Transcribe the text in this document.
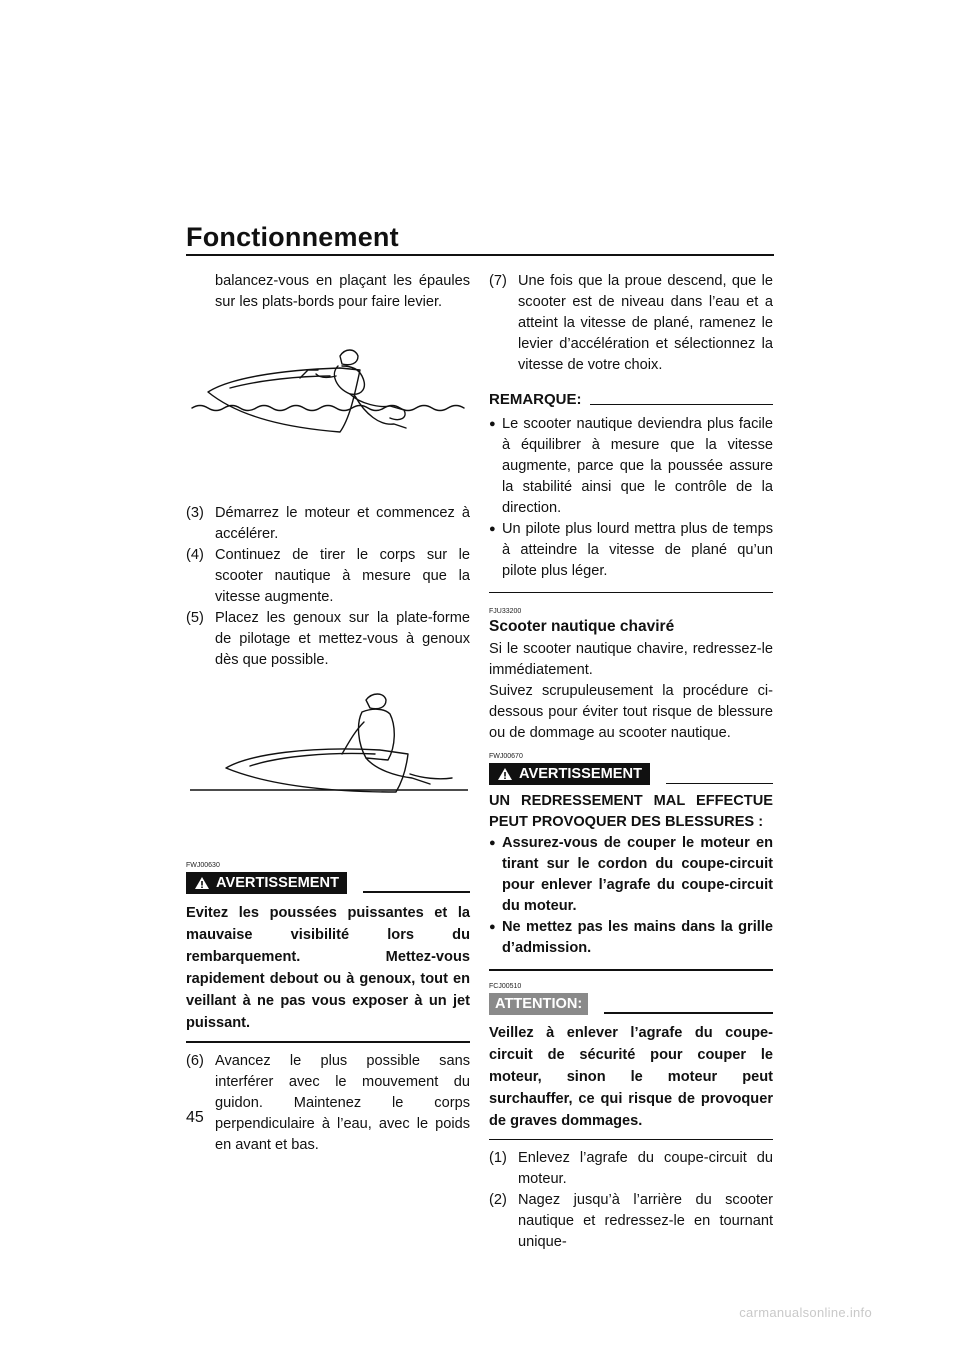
Fonctionnement

balancez-vous en plaçant les épaules sur les plats-bords pour faire levier.

(3) Démarrez le moteur et commencez à accélérer.
(4) Continuez de tirer le corps sur le scooter nautique à mesure que la vitesse augmente.
(5) Placez les genoux sur la plate-forme de pilotage et mettez-vous à genoux dès que possible.
FWJ00630
AVERTISSEMENT

Evitez les poussées puissantes et la mauvaise visibilité lors du rembarquement. Mettez-vous rapidement debout ou à genoux, tout en veillant à ne pas vous exposer à un jet puissant.

(6) Avancez le plus possible sans interférer avec le mouvement du guidon. Maintenez le corps perpendiculaire à l’eau, avec le poids en avant et bas.
(7) Une fois que la proue descend, que le scooter est de niveau dans l’eau et a atteint la vitesse de plané, ramenez le levier d’accélération et sélectionnez la vitesse de votre choix.
REMARQUE:
● Le scooter nautique deviendra plus facile à équilibrer à mesure que la vitesse augmente, parce que la poussée assure la stabilité ainsi que le contrôle de la direction.
● Un pilote plus lourd mettra plus de temps à atteindre la vitesse de plané qu’un pilote plus léger.
FJU33200
Scooter nautique chaviré

Si le scooter nautique chavire, redressez-le immédiatement.

Suivez scrupuleusement la procédure ci-dessous pour éviter tout risque de blessure ou de dommage au scooter nautique.

FWJ00670
AVERTISSEMENT

UN REDRESSEMENT MAL EFFECTUE PEUT PROVOQUER DES BLESSURES :

● Assurez-vous de couper le moteur en tirant sur le cordon du coupe-circuit pour enlever l’agrafe du coupe-circuit du moteur.
● Ne mettez pas les mains dans la grille d’admission.
FCJ00510
ATTENTION:

Veillez à enlever l’agrafe du coupe-circuit de sécurité pour couper le moteur, sinon le moteur peut surchauffer, ce qui risque de provoquer de graves dommages.

(1) Enlevez l’agrafe du coupe-circuit du moteur.
(2) Nagez jusqu’à l’arrière du scooter nautique et redressez-le en tournant unique-
45
carmanualsonline.info
